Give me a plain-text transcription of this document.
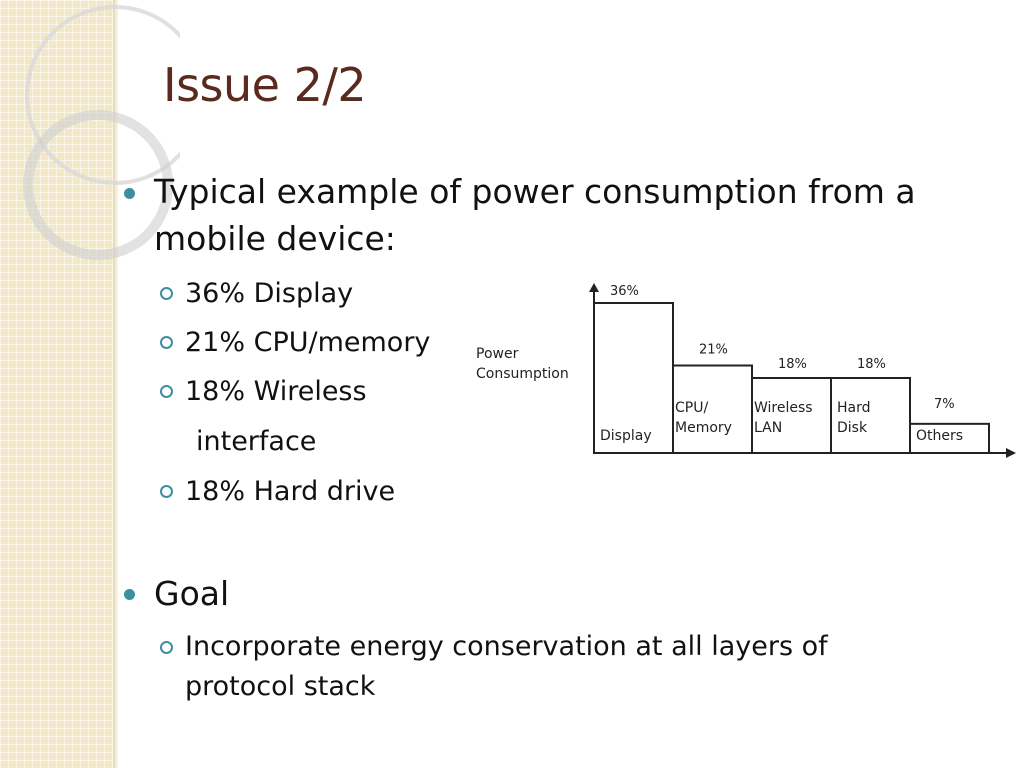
Issue 2/2
Typical example of power consumption from a mobile device:
36% Display
21% CPU/memory
18% Wireless
interface
18% Hard drive
Goal
Incorporate energy conservation at all layers of
protocol stack
Power
Consumption
36%
21%
18%	18%
7%
Display
CPU/
Memory
Wireless
LAN
Hard
Disk	Others
